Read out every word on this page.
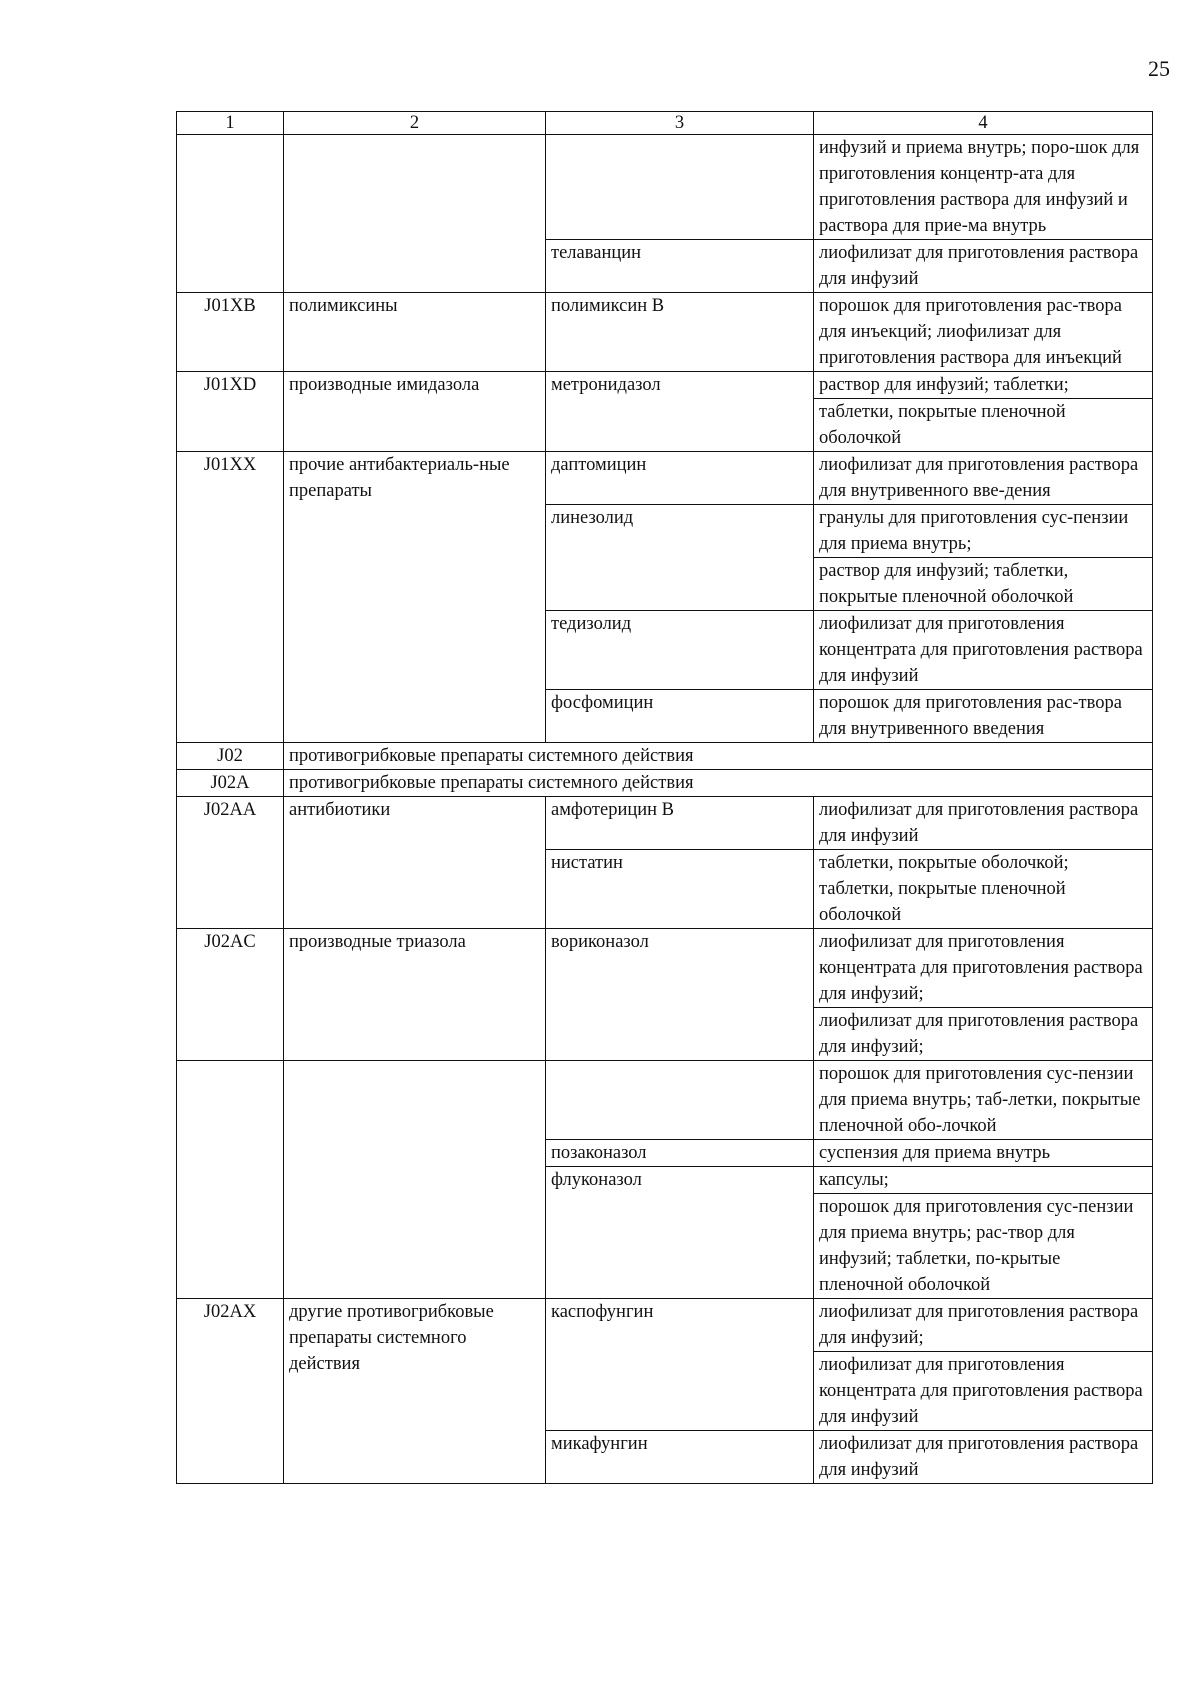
25
1	2	3	4

			инфузий и приема внутрь; поро-шок для приготовления концентр-ата для приготовления раствора для инфузий и раствора для прие-ма внутрь

		телаванцин	лиофилизат для приготовления раствора для инфузий

J01XB	полимиксины	полимиксин В	порошок для приготовления рас-твора для инъекций; лиофилизат для приготовления раствора для инъекций

J01XD	производные имидазола	метронидазол	раствор для инфузий; таблетки;
таблетки, покрытые пленочной оболочкой

J01XX	прочие антибактериаль-ные препараты	даптомицин	лиофилизат для приготовления раствора для внутривенного вве-дения

		линезолид	гранулы для приготовления сус-пензии для приема внутрь;
раствор для инфузий; таблетки, покрытые пленочной оболочкой

		тедизолид	лиофилизат для приготовления концентрата для приготовления раствора для инфузий

		фосфомицин	порошок для приготовления рас-твора для внутривенного введения

J02	противогрибковые препараты системного действия		
J02A	противогрибковые препараты системного действия		
J02AA	антибиотики	амфотерицин В	лиофилизат для приготовления раствора для инфузий

		нистатин	таблетки, покрытые оболочкой; таблетки, покрытые пленочной оболочкой

J02AC	производные триазола	вориконазол	лиофилизат для приготовления концентрата для приготовления раствора для инфузий;
лиофилизат для приготовления раствора для инфузий;

			порошок для приготовления сус-пензии для приема внутрь; таб-летки, покрытые пленочной обо-лочкой

		позаконазол	суспензия для приема внутрь

		флуконазол	капсулы;
порошок для приготовления сус-пензии для приема внутрь; рас-твор для инфузий; таблетки, по-крытые пленочной оболочкой

J02AX	другие противогрибковые препараты системного действия	каспофунгин	лиофилизат для приготовления раствора для инфузий;
лиофилизат для приготовления концентрата для приготовления раствора для инфузий

		микафунгин	лиофилизат для приготовления раствора для инфузий
